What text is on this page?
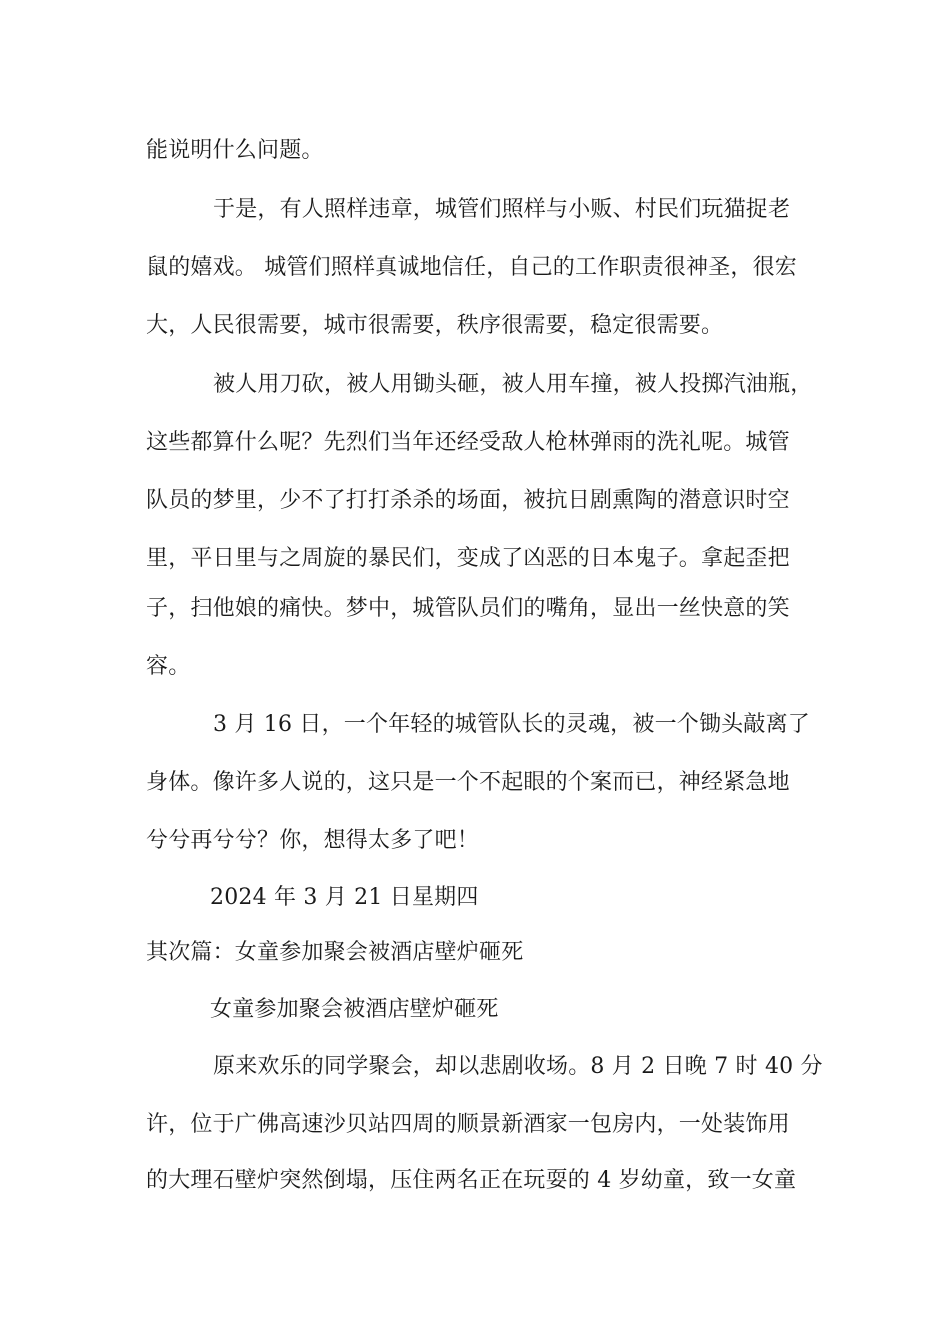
能说明什么问题。
于是，有人照样违章，城管们照样与小贩、村民们玩猫捉老
鼠的嬉戏。 城管们照样真诚地信任，自己的工作职责很神圣，很宏
大，人民很需要，城市很需要，秩序很需要，稳定很需要。
被人用刀砍，被人用锄头砸，被人用车撞，被人投掷汽油瓶，
这些都算什么呢？先烈们当年还经受敌人枪林弹雨的洗礼呢。城管
队员的梦里，少不了打打杀杀的场面，被抗日剧熏陶的潜意识时空
里，平日里与之周旋的暴民们，变成了凶恶的日本鬼子。拿起歪把
子，扫他娘的痛快。梦中，城管队员们的嘴角，显出一丝快意的笑
容。
3 月 16 日，一个年轻的城管队长的灵魂，被一个锄头敲离了
身体。像许多人说的，这只是一个不起眼的个案而已，神经紧急地
兮兮再兮兮？你，想得太多了吧！
2024 年 3 月 21 日星期四
其次篇：女童参加聚会被酒店壁炉砸死
女童参加聚会被酒店壁炉砸死
原来欢乐的同学聚会，却以悲剧收场。8 月 2 日晚 7 时 40 分
许，位于广佛高速沙贝站四周的顺景新酒家一包房内，一处装饰用
的大理石壁炉突然倒塌，压住两名正在玩耍的 4 岁幼童，致一女童
